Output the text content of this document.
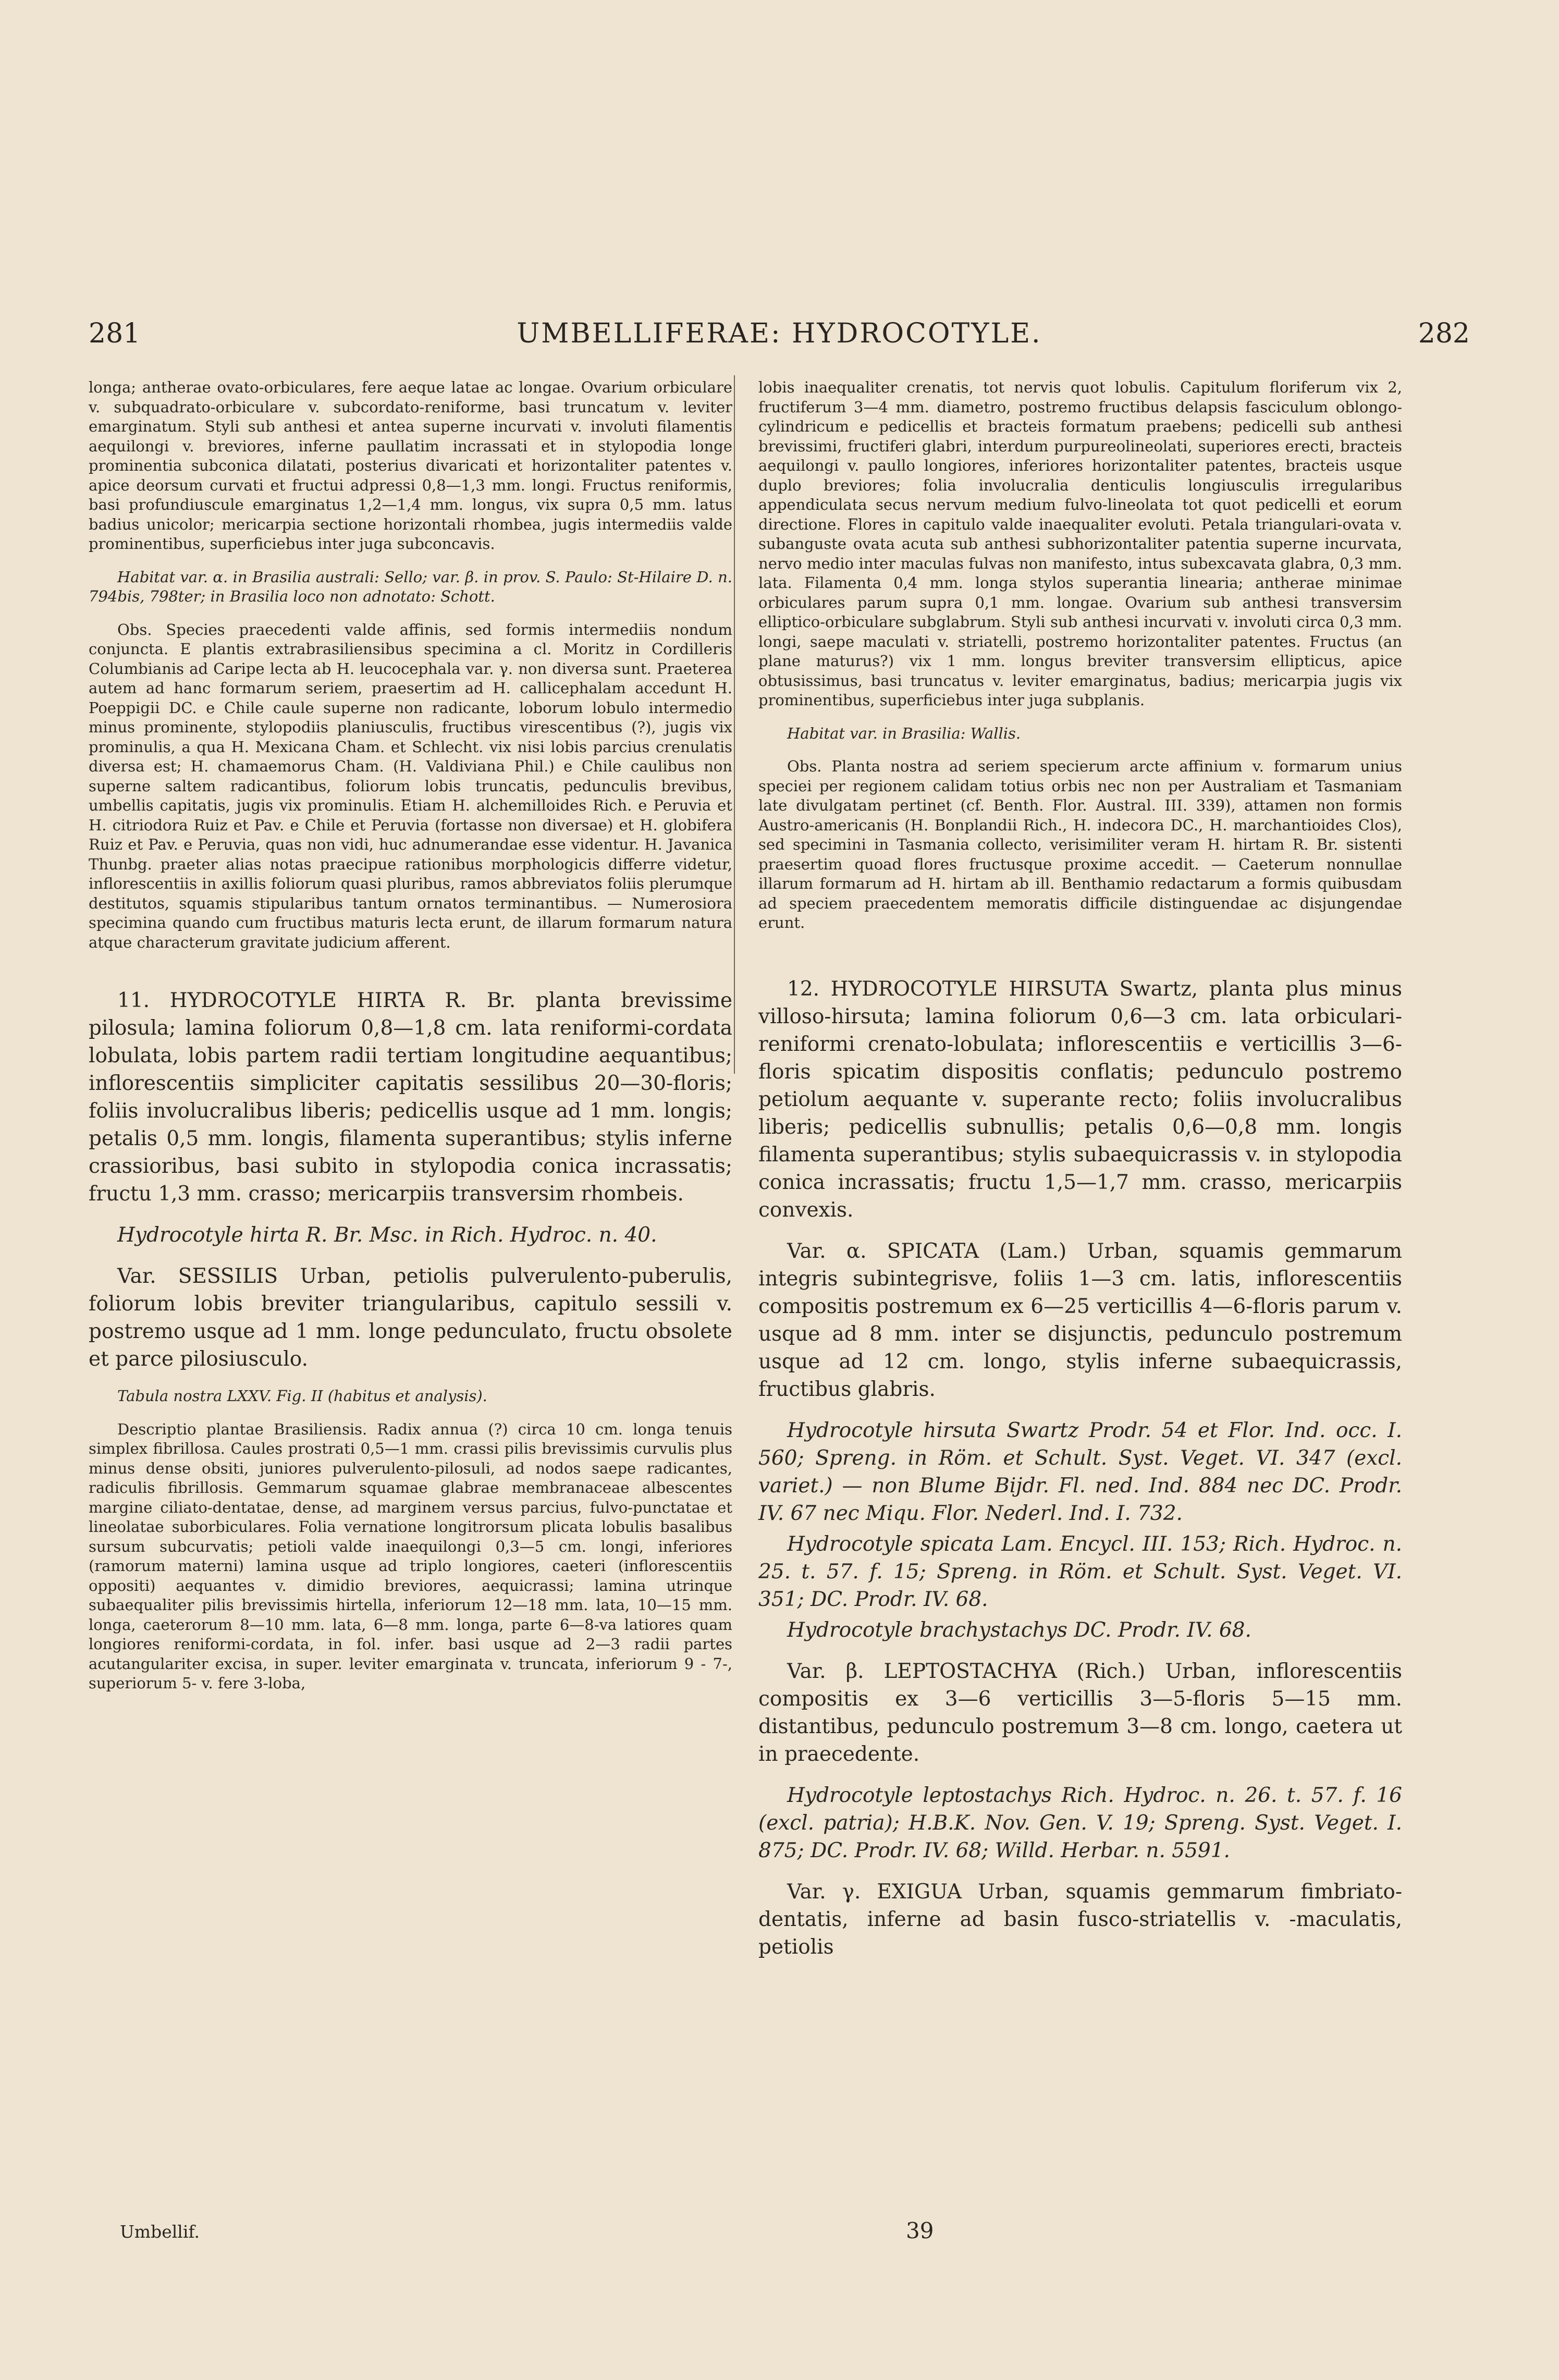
281	UMBELLIFERAE: HYDROCOTYLE.	282

longa; antherae ovato-orbiculares, fere aeque latae ac longae. Ovarium orbiculare v. subquadrato-orbiculare v. subcordato-reniforme, basi truncatum v. leviter emarginatum. Styli sub anthesi et antea superne incurvati v. involuti filamentis aequilongi v. breviores, inferne paullatim incrassati et in stylopodia longe prominentia subconica dilatati, posterius divaricati et horizontaliter patentes v. apice deorsum curvati et fructui adpressi 0,8—1,3 mm. longi. Fructus reniformis, basi profundiuscule emarginatus 1,2—1,4 mm. longus, vix supra 0,5 mm. latus badius unicolor; mericarpia sectione horizontali rhombea, jugis intermediis valde prominentibus, superficiebus inter juga subconcavis.

Habitat var. α. in Brasilia australi: Sello; var. β. in prov. S. Paulo: St-Hilaire D. n. 794bis, 798ter; in Brasilia loco non adnotato: Schott.

Obs. Species praecedenti valde affinis, sed formis intermediis nondum conjuncta. E plantis extrabrasiliensibus specimina a cl. Moritz in Cordilleris Columbianis ad Caripe lecta ab H. leucocephala var. γ. non diversa sunt. Praeterea autem ad hanc formarum seriem, praesertim ad H. callicephalam accedunt H. Poeppigii DC. e Chile caule superne non radicante, loborum lobulo intermedio minus prominente, stylopodiis planiusculis, fructibus virescentibus (?), jugis vix prominulis, a qua H. Mexicana Cham. et Schlecht. vix nisi lobis parcius crenulatis diversa est; H. chamaemorus Cham. (H. Valdiviana Phil.) e Chile caulibus non superne saltem radicantibus, foliorum lobis truncatis, pedunculis brevibus, umbellis capitatis, jugis vix prominulis. Etiam H. alchemilloides Rich. e Peruvia et H. citriodora Ruiz et Pav. e Chile et Peruvia (fortasse non diversae) et H. globifera Ruiz et Pav. e Peruvia, quas non vidi, huc adnumerandae esse videntur. H. Javanica Thunbg. praeter alias notas praecipue rationibus morphologicis differre videtur, inflorescentiis in axillis foliorum quasi pluribus, ramos abbreviatos foliis plerumque destitutos, squamis stipularibus tantum ornatos terminantibus. — Numerosiora specimina quando cum fructibus maturis lecta erunt, de illarum formarum natura atque characterum gravitate judicium afferent.

11. HYDROCOTYLE HIRTA R. Br. planta brevissime pilosula; lamina foliorum 0,8—1,8 cm. lata reniformi-cordata lobulata, lobis partem radii tertiam longitudine aequantibus; inflorescentiis simpliciter capitatis sessilibus 20—30-floris; foliis involucralibus liberis; pedicellis usque ad 1 mm. longis; petalis 0,5 mm. longis, filamenta superantibus; stylis inferne crassioribus, basi subito in stylopodia conica incrassatis; fructu 1,3 mm. crasso; mericarpiis transversim rhombeis.

Hydrocotyle hirta R. Br. Msc. in Rich. Hydroc. n. 40.

Var. SESSILIS Urban, petiolis pulverulento-puberulis, foliorum lobis breviter triangularibus, capitulo sessili v. postremo usque ad 1 mm. longe pedunculato, fructu obsolete et parce pilosiusculo.

Tabula nostra LXXV. Fig. II (habitus et analysis).

Descriptio plantae Brasiliensis. Radix annua (?) circa 10 cm. longa tenuis simplex fibrillosa. Caules prostrati 0,5—1 mm. crassi pilis brevissimis curvulis plus minus dense obsiti, juniores pulverulento-pilosuli, ad nodos saepe radicantes, radiculis fibrillosis. Gemmarum squamae glabrae membranaceae albescentes margine ciliato-dentatae, dense, ad marginem versus parcius, fulvo-punctatae et lineolatae suborbiculares. Folia vernatione longitrorsum plicata lobulis basalibus sursum subcurvatis; petioli valde inaequilongi 0,3—5 cm. longi, inferiores (ramorum materni) lamina usque ad triplo longiores, caeteri (inflorescentiis oppositi) aequantes v. dimidio breviores, aequicrassi; lamina utrinque subaequaliter pilis brevissimis hirtella, inferiorum 12—18 mm. lata, 10—15 mm. longa, caeterorum 8—10 mm. lata, 6—8 mm. longa, parte 6—8-va latiores quam longiores reniformi-cordata, in fol. infer. basi usque ad 2—3 radii partes acutangulariter excisa, in super. leviter emarginata v. truncata, inferiorum 9 - 7-, superiorum 5- v. fere 3-loba,

lobis inaequaliter crenatis, tot nervis quot lobulis. Capitulum floriferum vix 2, fructiferum 3—4 mm. diametro, postremo fructibus delapsis fasciculum oblongo-cylindricum e pedicellis et bracteis formatum praebens; pedicelli sub anthesi brevissimi, fructiferi glabri, interdum purpureolineolati, superiores erecti, bracteis aequilongi v. paullo longiores, inferiores horizontaliter patentes, bracteis usque duplo breviores; folia involucralia denticulis longiusculis irregularibus appendiculata secus nervum medium fulvo-lineolata tot quot pedicelli et eorum directione. Flores in capitulo valde inaequaliter evoluti. Petala triangulari-ovata v. subanguste ovata acuta sub anthesi subhorizontaliter patentia superne incurvata, nervo medio inter maculas fulvas non manifesto, intus subexcavata glabra, 0,3 mm. lata. Filamenta 0,4 mm. longa stylos superantia linearia; antherae minimae orbiculares parum supra 0,1 mm. longae. Ovarium sub anthesi transversim elliptico-orbiculare subglabrum. Styli sub anthesi incurvati v. involuti circa 0,3 mm. longi, saepe maculati v. striatelli, postremo horizontaliter patentes. Fructus (an plane maturus?) vix 1 mm. longus breviter transversim ellipticus, apice obtusissimus, basi truncatus v. leviter emarginatus, badius; mericarpia jugis vix prominentibus, superficiebus inter juga subplanis.

Habitat var. in Brasilia: Wallis.

Obs. Planta nostra ad seriem specierum arcte affinium v. formarum unius speciei per regionem calidam totius orbis nec non per Australiam et Tasmaniam late divulgatam pertinet (cf. Benth. Flor. Austral. III. 339), attamen non formis Austro-americanis (H. Bonplandii Rich., H. indecora DC., H. marchantioides Clos), sed specimini in Tasmania collecto, verisimiliter veram H. hirtam R. Br. sistenti praesertim quoad flores fructusque proxime accedit. — Caeterum nonnullae illarum formarum ad H. hirtam ab ill. Benthamio redactarum a formis quibusdam ad speciem praecedentem memoratis difficile distinguendae ac disjungendae erunt.

12. HYDROCOTYLE HIRSUTA Swartz, planta plus minus villoso-hirsuta; lamina foliorum 0,6—3 cm. lata orbiculari-reniformi crenato-lobulata; inflorescentiis e verticillis 3—6-floris spicatim dispositis conflatis; pedunculo postremo petiolum aequante v. superante recto; foliis involucralibus liberis; pedicellis subnullis; petalis 0,6—0,8 mm. longis filamenta superantibus; stylis subaequicrassis v. in stylopodia conica incrassatis; fructu 1,5—1,7 mm. crasso, mericarpiis convexis.

Var. α. SPICATA (Lam.) Urban, squamis gemmarum integris subintegrisve, foliis 1—3 cm. latis, inflorescentiis compositis postremum ex 6—25 verticillis 4—6-floris parum v. usque ad 8 mm. inter se disjunctis, pedunculo postremum usque ad 12 cm. longo, stylis inferne subaequicrassis, fructibus glabris.

Hydrocotyle hirsuta Swartz Prodr. 54 et Flor. Ind. occ. I. 560; Spreng. in Röm. et Schult. Syst. Veget. VI. 347 (excl. variet.) — non Blume Bijdr. Fl. ned. Ind. 884 nec DC. Prodr. IV. 67 nec Miqu. Flor. Nederl. Ind. I. 732.

Hydrocotyle spicata Lam. Encycl. III. 153; Rich. Hydroc. n. 25. t. 57. f. 15; Spreng. in Röm. et Schult. Syst. Veget. VI. 351; DC. Prodr. IV. 68.

Hydrocotyle brachystachys DC. Prodr. IV. 68.

Var. β. LEPTOSTACHYA (Rich.) Urban, inflorescentiis compositis ex 3—6 verticillis 3—5-floris 5—15 mm. distantibus, pedunculo postremum 3—8 cm. longo, caetera ut in praecedente.

Hydrocotyle leptostachys Rich. Hydroc. n. 26. t. 57. f. 16 (excl. patria); H.B.K. Nov. Gen. V. 19; Spreng. Syst. Veget. I. 875; DC. Prodr. IV. 68; Willd. Herbar. n. 5591.

Var. γ. EXIGUA Urban, squamis gemmarum fimbriato-dentatis, inferne ad basin fusco-striatellis v. -maculatis, petiolis

Umbellif.	39
